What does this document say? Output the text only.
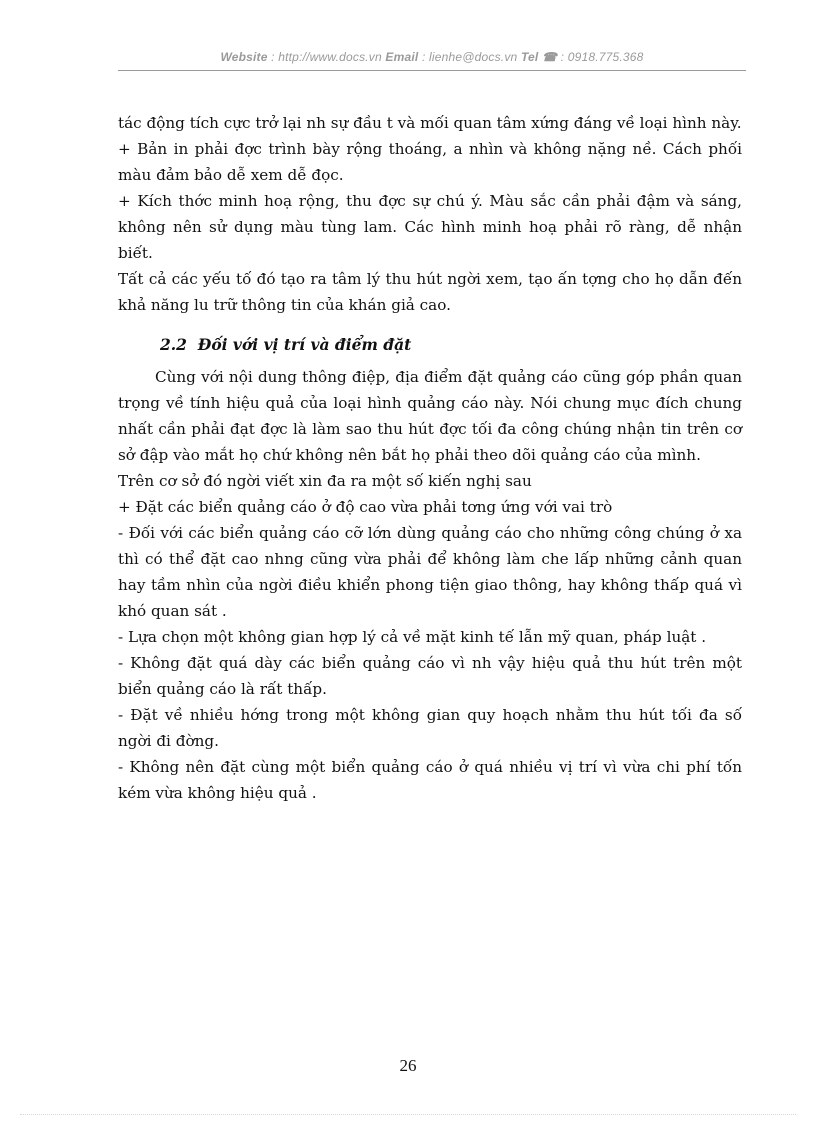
Website : http://www.docs.vn Email : lienhe@docs.vn Tel ☎ : 0918.775.368

tác động tích cực trở lại nh sự đầu t và mối quan tâm xứng đáng về loại hình này.

+ Bản in phải đợc trình bày rộng thoáng, a nhìn và không nặng nề. Cách phối màu đảm bảo dễ xem dễ đọc.

+ Kích thớc minh hoạ rộng, thu đợc sự chú ý. Màu sắc cần phải đậm và sáng, không nên sử dụng màu tùng lam. Các hình minh hoạ phải rõ ràng, dễ nhận biết.

Tất cả các yếu tố đó tạo ra tâm lý thu hút ngời xem, tạo ấn tợng cho họ dẫn đến khả năng lu trữ thông tin của khán giả cao.

2.2 Đối với vị trí và điểm đặt

Cùng với nội dung thông điệp, địa điểm đặt quảng cáo cũng góp phần quan trọng về tính hiệu quả của loại hình quảng cáo này. Nói chung mục đích chung nhất cần phải đạt đợc là làm sao thu hút đợc tối đa công chúng nhận tin trên cơ sở đập vào mắt họ chứ không nên bắt họ phải theo dõi quảng cáo của mình.

Trên cơ sở đó ngời viết xin đa ra một số kiến nghị sau

+ Đặt các biển quảng cáo ở độ cao vừa phải tơng ứng với vai trò

- Đối với các biển quảng cáo cỡ lớn dùng quảng cáo cho những công chúng ở xa thì có thể đặt cao nhng cũng vừa phải để không làm che lấp những cảnh quan hay tầm nhìn của ngời điều khiển phong tiện giao thông, hay không thấp quá vì khó quan sát .

- Lựa chọn một không gian hợp lý cả về mặt kinh tế lẫn mỹ quan, pháp luật .

- Không đặt quá dày các biển quảng cáo vì nh vậy hiệu quả thu hút trên một biển quảng cáo là rất thấp.

- Đặt về nhiều hớng trong một không gian quy hoạch nhằm thu hút tối đa số ngời đi đờng.

- Không nên đặt cùng một biển quảng cáo ở quá nhiều vị trí vì vừa chi phí tốn kém vừa không hiệu quả .

26
